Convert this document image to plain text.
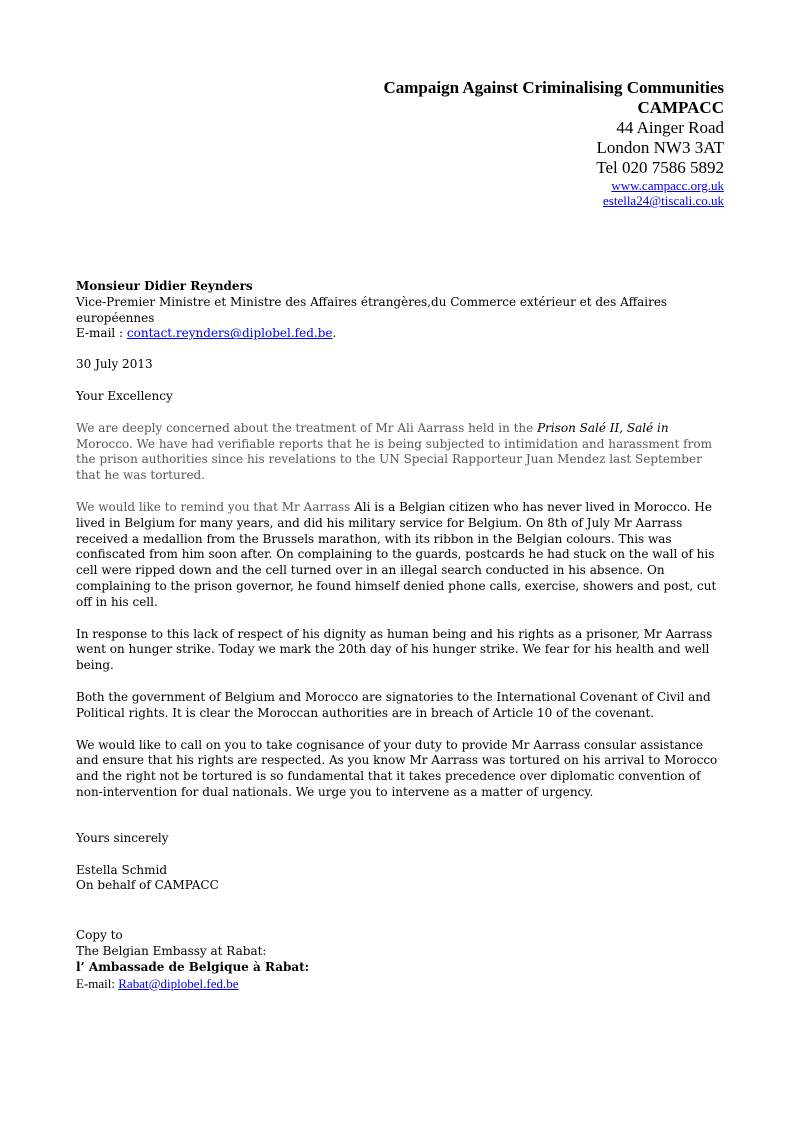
Campaign Against Criminalising Communities
CAMPACC
44 Ainger Road
London NW3 3AT
Tel 020 7586 5892
www.campacc.org.uk
estella24@tiscali.co.uk

Monsieur Didier Reynders

Vice-Premier Ministre et Ministre des Affaires étrangères,du Commerce extérieur et des Affaires européennes

E-mail : contact.reynders@diplobel.fed.be.

30 July 2013

Your Excellency

We are deeply concerned about the treatment of Mr Ali Aarrass held in the Prison Salé II, Salé in Morocco. We have had verifiable reports that he is being subjected to intimidation and harassment from the prison authorities since his revelations to the UN Special Rapporteur Juan Mendez last September that he was tortured.

We would like to remind you that Mr Aarrass Ali is a Belgian citizen who has never lived in Morocco. He lived in Belgium for many years, and did his military service for Belgium. On 8th of July Mr Aarrass received a medallion from the Brussels marathon, with its ribbon in the Belgian colours. This was confiscated from him soon after. On complaining to the guards, postcards he had stuck on the wall of his cell were ripped down and the cell turned over in an illegal search conducted in his absence. On complaining to the prison governor, he found himself denied phone calls, exercise, showers and post, cut off in his cell.

In response to this lack of respect of his dignity as human being and his rights as a prisoner, Mr Aarrass went on hunger strike. Today we mark the 20th day of his hunger strike. We fear for his health and well being.

Both the government of Belgium and Morocco are signatories to the International Covenant of Civil and Political rights. It is clear the Moroccan authorities are in breach of Article 10 of the covenant.

We would like to call on you to take cognisance of your duty to provide Mr Aarrass consular assistance and ensure that his rights are respected. As you know Mr Aarrass was tortured on his arrival to Morocco and the right not be tortured is so fundamental that it takes precedence over diplomatic convention of non-intervention for dual nationals. We urge you to intervene as a matter of urgency.

Yours sincerely

Estella Schmid

On behalf of CAMPACC

Copy to

The Belgian Embassy at Rabat:

l’ Ambassade de Belgique à Rabat:

E-mail: Rabat@diplobel.fed.be
